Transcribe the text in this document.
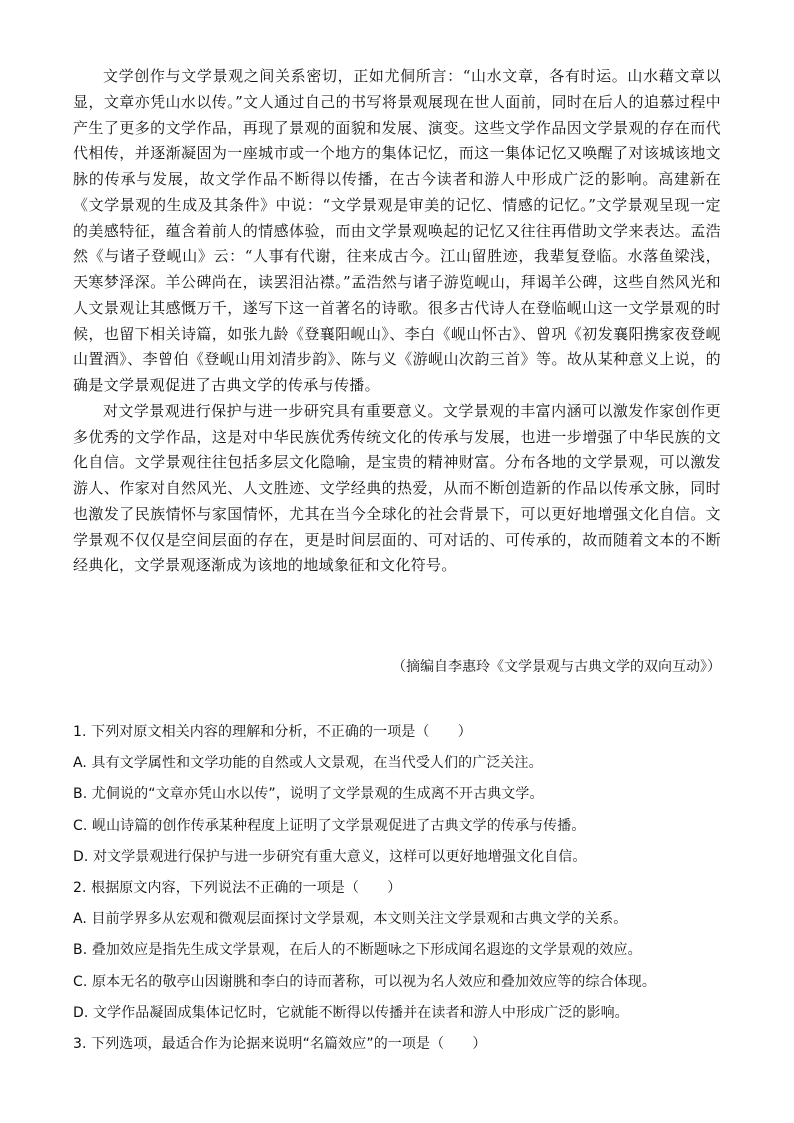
文学创作与文学景观之间关系密切，正如尤侗所言：“山水文章，各有时运。山水藉文章以显，文章亦凭山水以传。”文人通过自己的书写将景观展现在世人面前，同时在后人的追慕过程中产生了更多的文学作品，再现了景观的面貌和发展、演变。这些文学作品因文学景观的存在而代代相传，并逐渐凝固为一座城市或一个地方的集体记忆，而这一集体记忆又唤醒了对该城该地文脉的传承与发展，故文学作品不断得以传播，在古今读者和游人中形成广泛的影响。高建新在《文学景观的生成及其条件》中说：“文学景观是审美的记忆、情感的记忆。”文学景观呈现一定的美感特征，蕴含着前人的情感体验，而由文学景观唤起的记忆又往往再借助文学来表达。孟浩然《与诸子登岘山》云：“人事有代谢，往来成古今。江山留胜迹，我辈复登临。水落鱼梁浅，天寒梦泽深。羊公碑尚在，读罢泪沾襟。”孟浩然与诸子游览岘山，拜谒羊公碑，这些自然风光和人文景观让其感慨万千，遂写下这一首著名的诗歌。很多古代诗人在登临岘山这一文学景观的时候，也留下相关诗篇，如张九龄《登襄阳岘山》、李白《岘山怀古》、曾巩《初发襄阳携家夜登岘山置酒》、李曾伯《登岘山用刘清步韵》、陈与义《游岘山次韵三首》等。故从某种意义上说，的确是文学景观促进了古典文学的传承与传播。

对文学景观进行保护与进一步研究具有重要意义。文学景观的丰富内涵可以激发作家创作更多优秀的文学作品，这是对中华民族优秀传统文化的传承与发展，也进一步增强了中华民族的文化自信。文学景观往往包括多层文化隐喻，是宝贵的精神财富。分布各地的文学景观，可以激发游人、作家对自然风光、人文胜迹、文学经典的热爱，从而不断创造新的作品以传承文脉，同时也激发了民族情怀与家国情怀，尤其在当今全球化的社会背景下，可以更好地增强文化自信。文学景观不仅仅是空间层面的存在，更是时间层面的、可对话的、可传承的，故而随着文本的不断经典化，文学景观逐渐成为该地的地域象征和文化符号。

（摘编自李惠玲《文学景观与古典文学的双向互动》）
1. 下列对原文相关内容的理解和分析，不正确的一项是（　　）
A. 具有文学属性和文学功能的自然或人文景观，在当代受人们的广泛关注。
B. 尤侗说的“文章亦凭山水以传”，说明了文学景观的生成离不开古典文学。
C. 岘山诗篇的创作传承某种程度上证明了文学景观促进了古典文学的传承与传播。
D. 对文学景观进行保护与进一步研究有重大意义，这样可以更好地增强文化自信。
2. 根据原文内容，下列说法不正确的一项是（　　）
A. 目前学界多从宏观和微观层面探讨文学景观，本文则关注文学景观和古典文学的关系。
B. 叠加效应是指先生成文学景观，在后人的不断题咏之下形成闻名遐迩的文学景观的效应。
C. 原本无名的敬亭山因谢朓和李白的诗而著称，可以视为名人效应和叠加效应等的综合体现。
D. 文学作品凝固成集体记忆时，它就能不断得以传播并在读者和游人中形成广泛的影响。
3. 下列选项，最适合作为论据来说明“名篇效应”的一项是（　　）
